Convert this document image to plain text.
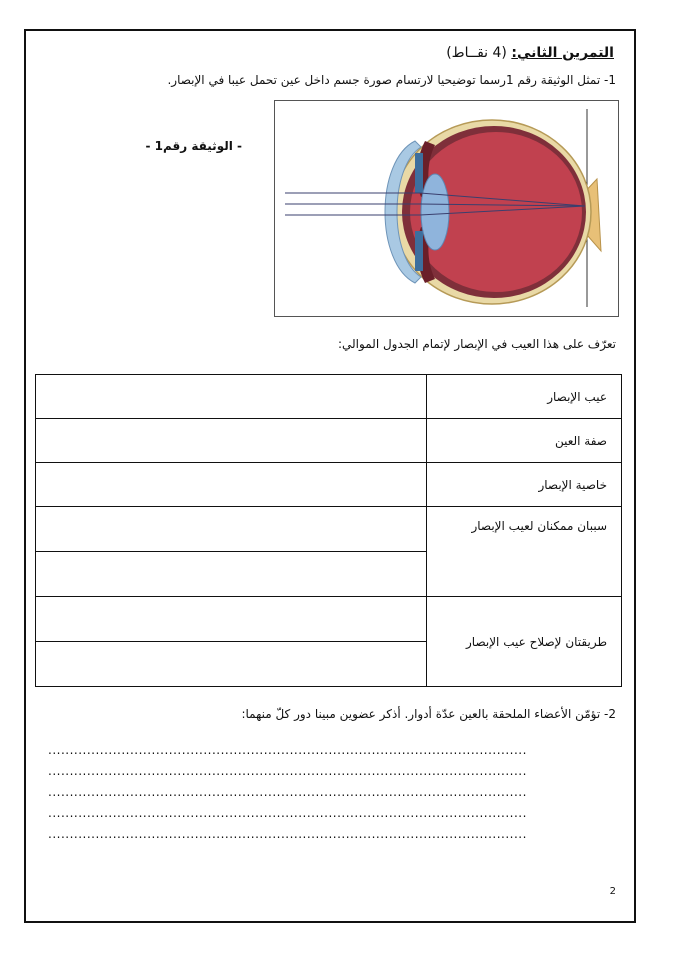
التمرين الثاني: (4 نقــاط)
1- تمثل الوثيقة رقم 1رسما توضيحيا لارتسام صورة جسم داخل عين تحمل عيبا في الإبصار.
- الوثيقة رقم1 -
تعرّف على هذا العيب في الإبصار لإتمام الجدول الموالي:
	عيب الإبصار
	صفة العين
	خاصية الإبصار
	سببان ممكنان لعيب الإبصار

	طريقتان لإصلاح عيب الإبصار

2- تؤمّن الأعضاء الملحقة بالعين عدّة أدوار. أذكر عضوين مبينا دور كلّ منهما:
...............................................................................................................
...............................................................................................................
...............................................................................................................
...............................................................................................................
...............................................................................................................
2
